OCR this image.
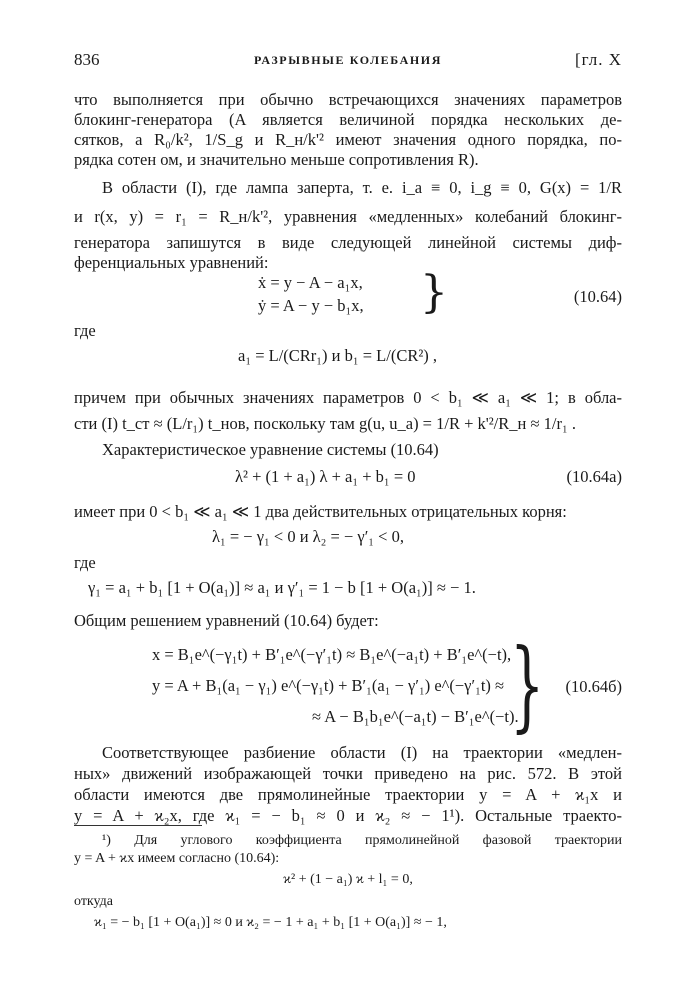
836	РАЗРЫВНЫЕ КОЛЕБАНИЯ	[гл. X
что выполняется при обычно встречающихся значениях параметров
блокинг-генератора (A является величиной порядка нескольких де-
сятков, а R₀/k², 1/S_g и R_н/k'² имеют значения одного порядка, по-
рядка сотен ом, и значительно меньше сопротивления R).
В области (I), где лампа заперта, т. е. i_a ≡ 0, i_g ≡ 0, G(x) = 1/R
и r(x, y) = r₁ = R_н/k'², уравнения «медленных» колебаний блокинг-
генератора запишутся в виде следующей линейной системы диф-
ференциальных уравнений:
ẋ = y − A − a₁x,
ẏ = A − y − b₁x, }	(10.64)
где
a₁ = L/(CRr₁) и b₁ = L/(CR²) ,
причем при обычных значениях параметров 0 < b₁ ≪ a₁ ≪ 1; в обла-
сти (I) t_ст ≈ (L/r₁) t_нов, поскольку там g(u, u_a) = 1/R + k'²/R_н ≈ 1/r₁ .
Характеристическое уравнение системы (10.64)
λ² + (1 + a₁) λ + a₁ + b₁ = 0	(10.64a)
имеет при 0 < b₁ ≪ a₁ ≪ 1 два действительных отрицательных корня:
λ₁ = − γ₁ < 0 и λ₂ = − γ′₁ < 0,
где
γ₁ = a₁ + b₁ [1 + O(a₁)] ≈ a₁ и γ′₁ = 1 − b [1 + O(a₁)] ≈ − 1.
Общим решением уравнений (10.64) будет:
x = B₁e^(−γ₁t) + B′₁e^(−γ′₁t) ≈ B₁e^(−a₁t) + B′₁e^(−t),
y = A + B₁(a₁ − γ₁) e^(−γ₁t) + B′₁(a₁ − γ′₁) e^(−γ′₁t) ≈
≈ A − B₁b₁e^(−a₁t) − B′₁e^(−t).
} (10.64б)
Соответствующее разбиение области (I) на траектории «медлен-
ных» движений изображающей точки приведено на рис. 572. В этой
области имеются две прямолинейные траектории y = A + ϰ₁x и
y = A + ϰ₂x, где ϰ₁ = − b₁ ≈ 0 и ϰ₂ ≈ − 1¹). Остальные траекто-
¹) Для углового коэффициента прямолинейной фазовой траектории
y = A + ϰx имеем согласно (10.64):
ϰ² + (1 − a₁) ϰ + l₁ = 0,
откуда
ϰ₁ = − b₁ [1 + O(a₁)] ≈ 0 и ϰ₂ = − 1 + a₁ + b₁ [1 + O(a₁)] ≈ − 1,
